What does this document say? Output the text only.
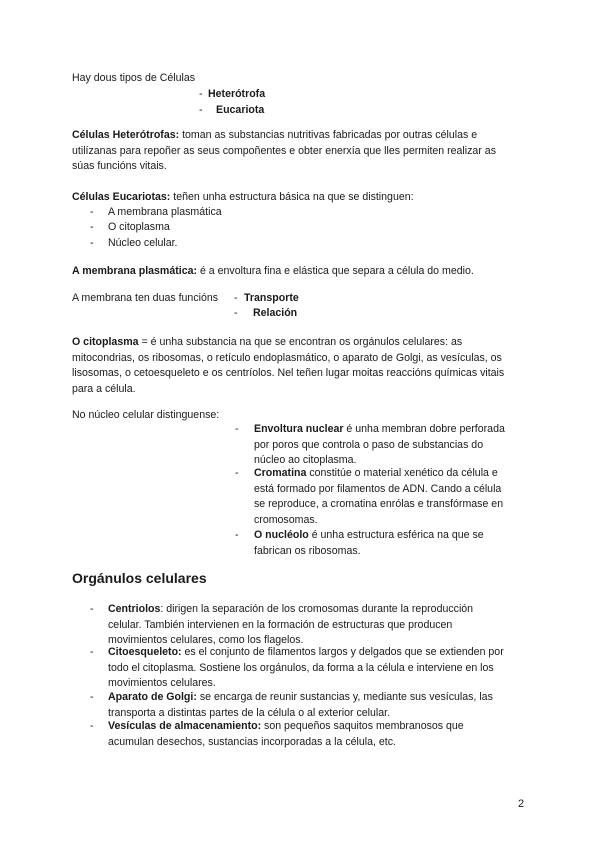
Hay dous tipos de Células
- Heterótrofa
- Eucariota
Células Heterótrofas: toman as substancias nutritivas fabricadas por outras células e
utilízanas para repoñer as seus compoñentes e obter enerxía que lles permiten realizar as
súas funcións vitais.
Células Eucariotas: teñen unha estructura básica na que se distinguen:
- A membrana plasmática
- O citoplasma
- Núcleo celular.
A membrana plasmática: é a envoltura fina e elástica que separa a célula do medio.
A membrana ten duas funcións - Transporte
- Relación
O citoplasma = é unha substancia na que se encontran os orgánulos celulares: as
mitocondrias, os ribosomas, o retículo endoplasmático, o aparato de Golgi, as vesículas, os
lisosomas, o cetoesqueleto e os centríolos. Nel teñen lugar moitas reaccións químicas vitais
para a célula.
No núcleo celular distinguense:
- Envoltura nuclear é unha membran dobre perforada
por poros que controla o paso de substancias do
núcleo ao citoplasma.
- Cromatina constitúe o material xenético da célula e
está formado por filamentos de ADN. Cando a célula
se reproduce, a cromatina enrólas e transfórmase en
cromosomas.
- O nucléolo é unha estructura esférica na que se
fabrican os ribosomas.
Orgánulos celulares
- Centriolos: dirigen la separación de los cromosomas durante la reproducción
celular. También intervienen en la formación de estructuras que producen
movimientos celulares, como los flagelos.
- Citoesqueleto: es el conjunto de filamentos largos y delgados que se extienden por
todo el citoplasma. Sostiene los orgánulos, da forma a la célula e interviene en los
movimientos celulares.
- Aparato de Golgi: se encarga de reunir sustancias y, mediante sus vesículas, las
transporta a distintas partes de la célula o al exterior celular.
- Vesículas de almacenamiento: son pequeños saquitos membranosos que
acumulan desechos, sustancias incorporadas a la célula, etc.
2
